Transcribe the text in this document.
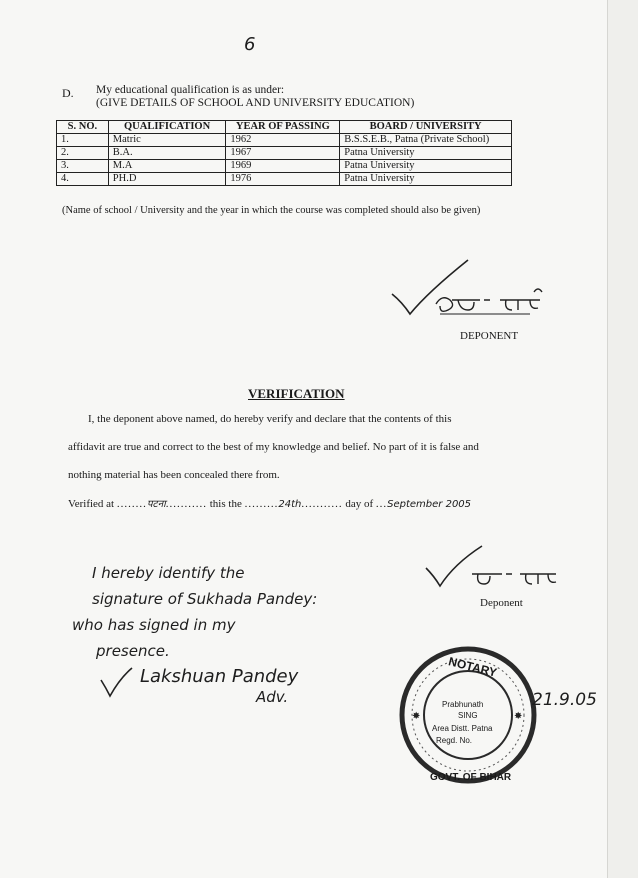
6
D. My educational qualification is as under:
(GIVE DETAILS OF SCHOOL AND UNIVERSITY EDUCATION)
S. NO.	QUALIFICATION	YEAR OF PASSING	BOARD / UNIVERSITY
1.	Matric	1962	B.S.S.E.B., Patna (Private School)
2.	B.A.	1967	Patna University
3.	M.A	1969	Patna University
4.	PH.D	1976	Patna University
(Name of school / University and the year in which the course was completed should also be given)
DEPONENT
VERIFICATION
I, the deponent above named, do hereby verify and declare that the contents of this
affidavit are true and correct to the best of my knowledge and belief. No part of it is false and
nothing material has been concealed there from.
Verified at ........पटना........... this the .........24th........... day of ...September 2005
Deponent
I hereby identify the
signature of Sukhada Pandey:
who has signed in my
presence.
Lakshuan Pandey
Adv.
✸	✸
NOTARY
GOVT. OF BIHAR
Prabhunath
SING
Area Distt. Patna
Regd. No.
21.9.05
